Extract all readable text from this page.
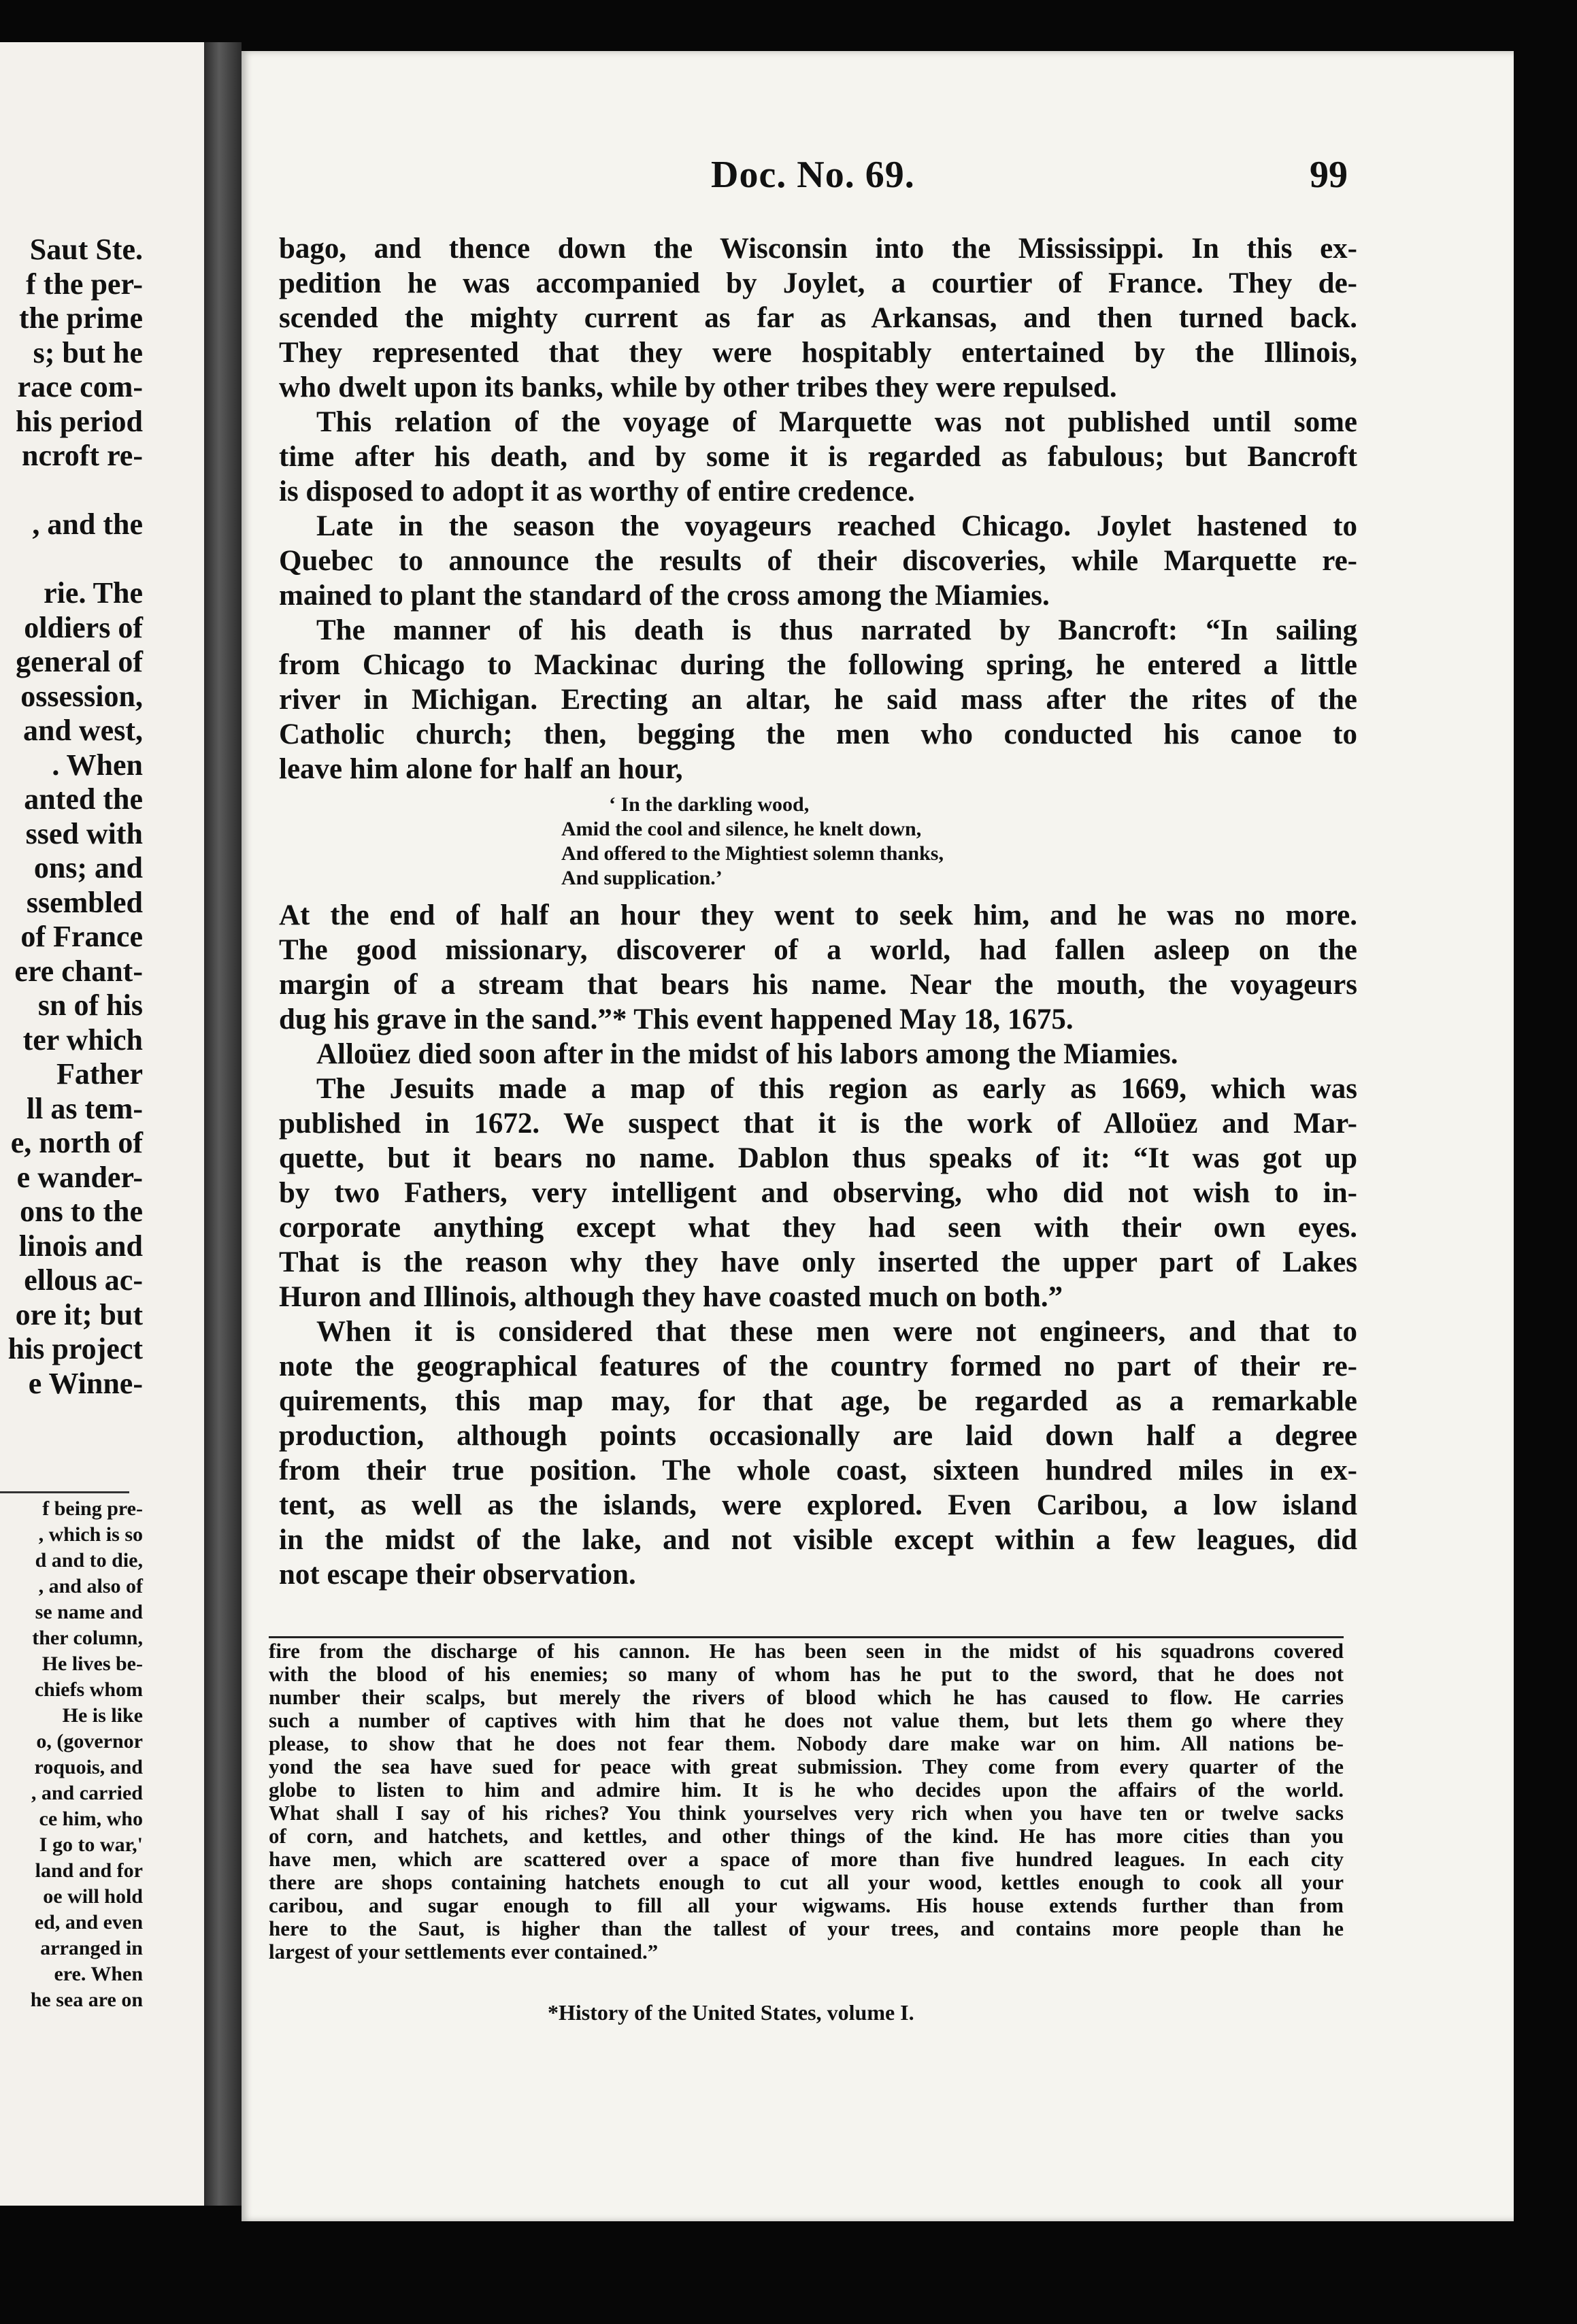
Saut Ste.
f the per-
the prime
s; but he
race com-
his period
ncroft re-
, and the
rie. The
oldiers of
general of
ossession,
and west,
. When
anted the
ssed with
ons; and
ssembled
of France
ere chant-
sn of his
ter which
Father
ll as tem-
e, north of
e wander-
ons to the
linois and
ellous ac-
ore it; but
his project
e Winne-
f being pre-
, which is so
d and to die,
, and also of
se name and
ther column,
He lives be-
chiefs whom
He is like
o, (governor
roquois, and
, and carried
ce him, who
I go to war,'
land and for
oe will hold
ed, and even
arranged in
ere. When
he sea are on
Doc. No. 69.	99
bago, and thence down the Wisconsin into the Mississippi. In this ex-
pedition he was accompanied by Joylet, a courtier of France. They de-
scended the mighty current as far as Arkansas, and then turned back.
They represented that they were hospitably entertained by the Illinois,
who dwelt upon its banks, while by other tribes they were repulsed.
This relation of the voyage of Marquette was not published until some
time after his death, and by some it is regarded as fabulous; but Bancroft
is disposed to adopt it as worthy of entire credence.
Late in the season the voyageurs reached Chicago. Joylet hastened to
Quebec to announce the results of their discoveries, while Marquette re-
mained to plant the standard of the cross among the Miamies.
The manner of his death is thus narrated by Bancroft: “In sailing
from Chicago to Mackinac during the following spring, he entered a little
river in Michigan. Erecting an altar, he said mass after the rites of the
Catholic church; then, begging the men who conducted his canoe to
leave him alone for half an hour,
‘ In the darkling wood,
Amid the cool and silence, he knelt down,
And offered to the Mightiest solemn thanks,
And supplication.’
At the end of half an hour they went to seek him, and he was no more.
The good missionary, discoverer of a world, had fallen asleep on the
margin of a stream that bears his name. Near the mouth, the voyageurs
dug his grave in the sand.”* This event happened May 18, 1675.
Alloüez died soon after in the midst of his labors among the Miamies.
The Jesuits made a map of this region as early as 1669, which was
published in 1672. We suspect that it is the work of Alloüez and Mar-
quette, but it bears no name. Dablon thus speaks of it: “It was got up
by two Fathers, very intelligent and observing, who did not wish to in-
corporate anything except what they had seen with their own eyes.
That is the reason why they have only inserted the upper part of Lakes
Huron and Illinois, although they have coasted much on both.”
When it is considered that these men were not engineers, and that to
note the geographical features of the country formed no part of their re-
quirements, this map may, for that age, be regarded as a remarkable
production, although points occasionally are laid down half a degree
from their true position. The whole coast, sixteen hundred miles in ex-
tent, as well as the islands, were explored. Even Caribou, a low island
in the midst of the lake, and not visible except within a few leagues, did
not escape their observation.
fire from the discharge of his cannon. He has been seen in the midst of his squadrons covered
with the blood of his enemies; so many of whom has he put to the sword, that he does not
number their scalps, but merely the rivers of blood which he has caused to flow. He carries
such a number of captives with him that he does not value them, but lets them go where they
please, to show that he does not fear them. Nobody dare make war on him. All nations be-
yond the sea have sued for peace with great submission. They come from every quarter of the
globe to listen to him and admire him. It is he who decides upon the affairs of the world.
What shall I say of his riches? You think yourselves very rich when you have ten or twelve sacks
of corn, and hatchets, and kettles, and other things of the kind. He has more cities than you
have men, which are scattered over a space of more than five hundred leagues. In each city
there are shops containing hatchets enough to cut all your wood, kettles enough to cook all your
caribou, and sugar enough to fill all your wigwams. His house extends further than from
here to the Saut, is higher than the tallest of your trees, and contains more people than he
largest of your settlements ever contained.”
*History of the United States, volume I.
